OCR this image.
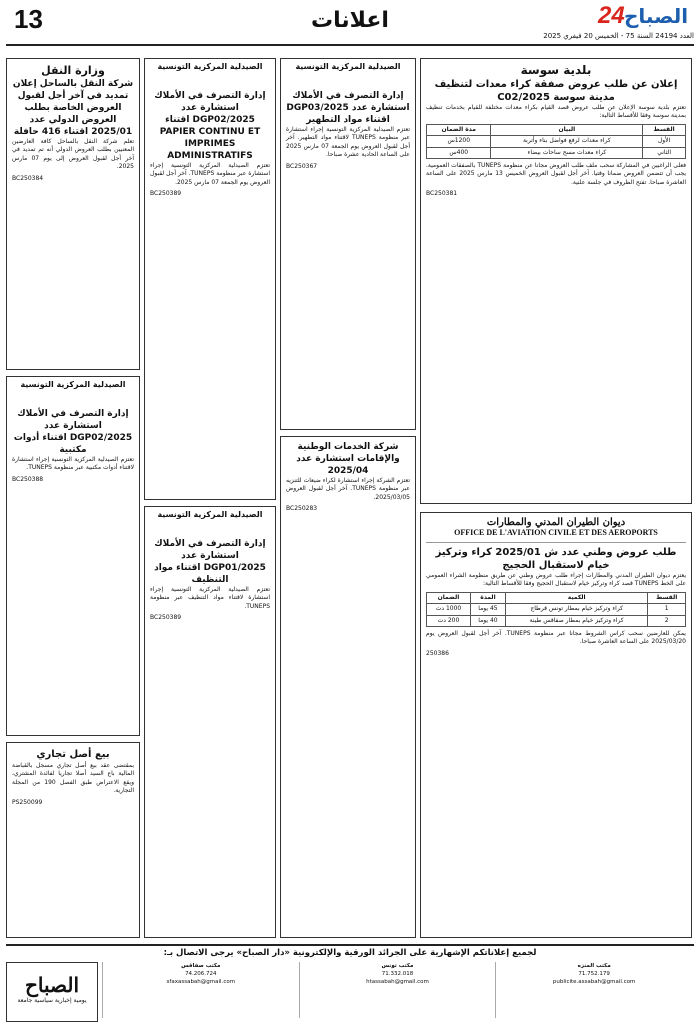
13	اعلانات	24 الصباح
العدد 24194 السنة 75 - الخميس 20 فيفري 2025
بلدية سوسة
إعلان عن طلب عروض صفقة كراء معدات لتنظيف مدينة سوسة 2025/C02

تعتزم بلدية سوسة الإعلان عن طلب عروض قصد القيام بكراء معدات مختلفة للقيام بخدمات تنظيف بمدينة سوسة وفقا للأقساط التالية:

القسط	البيان	مدة الضمان
الأول	كراء معدات لرفع فواضل بناء وأتربة	1200س
الثاني	كراء معدات مسح ساحات بيضاء	400س

فعلى الراغبين في المشاركة سحب ملف طلب العروض مجانا عن منظومة TUNEPS بالصفقات العمومية. يجب أن تتضمن العروض ضمانا وقتيا. آخر أجل لقبول العروض الخميس 13 مارس 2025 على الساعة العاشرة صباحا. تفتح الظروف في جلسة علنية.

BC250381
ديوان الطيران المدني والمطارات
OFFICE DE L'AVIATION CIVILE ET DES AEROPORTS
طلب عروض وطني عدد ش 2025/01 كراء وتركيز خيام لاستقبال الحجيج

يعتزم ديوان الطيران المدني والمطارات إجراء طلب عروض وطني عن طريق منظومة الشراء العمومي على الخط TUNEPS قصد كراء وتركيز خيام لاستقبال الحجيج وفقا للأقساط التالية:

القسط	الكمية	المدة	الضمان
1	كراء وتركيز خيام بمطار تونس قرطاج	45 يوما	1000 دت
2	كراء وتركيز خيام بمطار صفاقس طينة	40 يوما	200 دت

يمكن للعارضين سحب كراس الشروط مجانا عبر منظومة TUNEPS. آخر أجل لقبول العروض يوم 2025/03/20 على الساعة العاشرة صباحا.

250386
الصيدلية المركزية التونسية
إدارة التصرف في الأملاك استشارة عدد 2025/DGP03 اقتناء مواد التطهير

تعتزم الصيدلية المركزية التونسية إجراء استشارة عبر منظومة TUNEPS لاقتناء مواد التطهير. آخر أجل لقبول العروض يوم الجمعة 07 مارس 2025 على الساعة الحادية عشرة صباحا.

BC250367
شركة الخدمات الوطنية والإقامات استشارة عدد 2025/04

تعتزم الشركة إجراء استشارة لكراء ضيعات للتنزيه عبر منظومة TUNEPS. آخر أجل لقبول العروض 2025/03/05.

BC250283
الصيدلية المركزية التونسية
إدارة التصرف في الأملاك استشارة عدد 2025/DGP02 اقتناء PAPIER CONTINU ET IMPRIMES ADMINISTRATIFS

تعتزم الصيدلية المركزية التونسية إجراء استشارة عبر منظومة TUNEPS. آخر أجل لقبول العروض يوم الجمعة 07 مارس 2025.

BC250389
الصيدلية المركزية التونسية
إدارة التصرف في الأملاك استشارة عدد 2025/DGP01 اقتناء مواد التنظيف

تعتزم الصيدلية المركزية التونسية إجراء استشارة لاقتناء مواد التنظيف عبر منظومة TUNEPS.

BC250389
وزارة النقل
شركة النقل بالساحل إعلان تمديد في آخر أجل لقبول العروض الخاصة بطلب العروض الدولي عدد 2025/01 اقتناء 416 حافلة

تعلم شركة النقل بالساحل كافة العارضين المعنيين بطلب العروض الدولي أنه تم تمديد في آخر أجل لقبول العروض إلى يوم 07 مارس 2025.

BC250384
الصيدلية المركزية التونسية
إدارة التصرف في الأملاك استشارة عدد 2025/DGP02 اقتناء أدوات مكتبية

تعتزم الصيدلية المركزية التونسية إجراء استشارة لاقتناء أدوات مكتبية عبر منظومة TUNEPS.

BC250388
بيع أصل تجاري

بمقتضى عقد بيع أصل تجاري مسجل بالقباضة المالية باع السيد أصلا تجاريا لفائدة المشتري، ويقع الاعتراض طبق الفصل 190 من المجلة التجارية.

PS250099
لجميع إعلاناتكم الإشهارية على الجرائد الورقية والإلكترونية «دار الصباح» يرجى الاتصال بـ:
الصباح
يومية إخبارية سياسية جامعة
مكتب المنزه
71.752.179
publicite.assabah@gmail.com
مكتب تونس
71.332.018
htassabah@gmail.com
مكتب صفاقس
74.206.724
sfaxassabah@gmail.com
